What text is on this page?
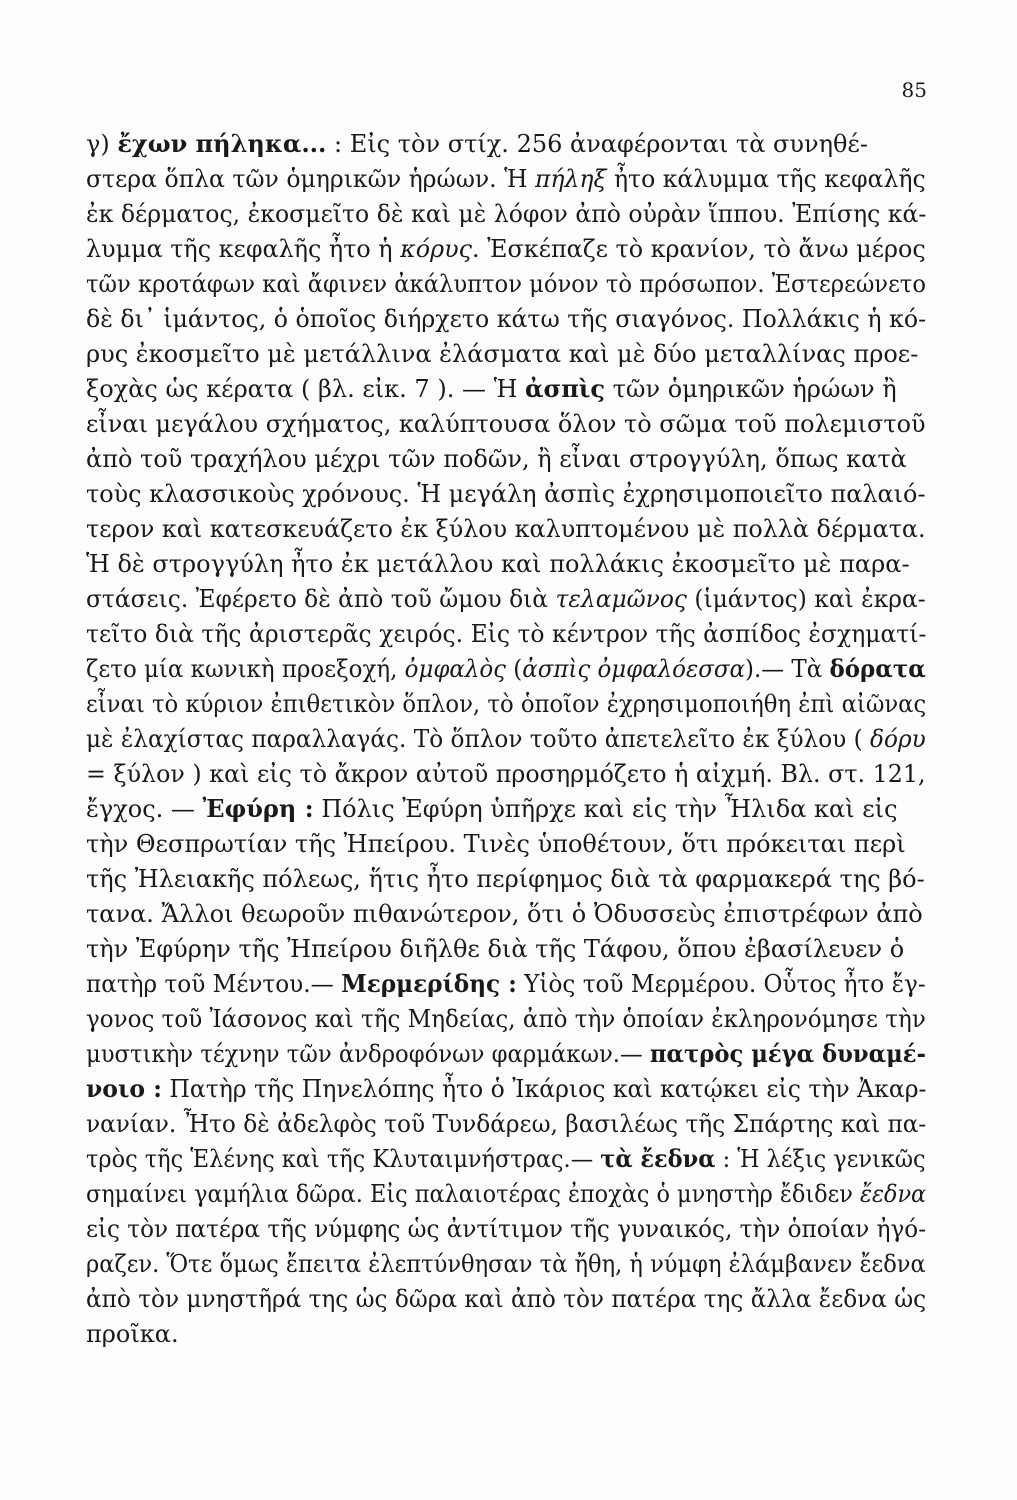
85
γ) ἔχων πήληκα... : Εἰς τὸν στίχ. 256 ἀναφέρονται τὰ συνηθέ-
στερα ὅπλα τῶν ὁμηρικῶν ἡρώων. Ἡ πήληξ ἦτο κάλυμμα τῆς κεφαλῆς
ἐκ δέρματος, ἐκοσμεῖτο δὲ καὶ μὲ λόφον ἀπὸ οὐρὰν ἵππου. Ἐπίσης κά-
λυμμα τῆς κεφαλῆς ἦτο ἡ κόρυς. Ἐσκέπαζε τὸ κρανίον, τὸ ἄνω μέρος
τῶν κροτάφων καὶ ἄφινεν ἀκάλυπτον μόνον τὸ πρόσωπον. Ἐστερεώνετο
δὲ δι᾽ ἱμάντος, ὁ ὁποῖος διήρχετο κάτω τῆς σιαγόνος. Πολλάκις ἡ κό-
ρυς ἐκοσμεῖτο μὲ μετάλλινα ἐλάσματα καὶ μὲ δύο μεταλλίνας προε-
ξοχὰς ὡς κέρατα ( βλ. εἰκ. 7 ). — Ἡ ἀσπὶς τῶν ὁμηρικῶν ἡρώων ἢ
εἶναι μεγάλου σχήματος, καλύπτουσα ὅλον τὸ σῶμα τοῦ πολεμιστοῦ
ἀπὸ τοῦ τραχήλου μέχρι τῶν ποδῶν, ἢ εἶναι στρογγύλη, ὅπως κατὰ
τοὺς κλασσικοὺς χρόνους. Ἡ μεγάλη ἀσπὶς ἐχρησιμοποιεῖτο παλαιό-
τερον καὶ κατεσκευάζετο ἐκ ξύλου καλυπτομένου μὲ πολλὰ δέρματα.
Ἡ δὲ στρογγύλη ἦτο ἐκ μετάλλου καὶ πολλάκις ἐκοσμεῖτο μὲ παρα-
στάσεις. Ἐφέρετο δὲ ἀπὸ τοῦ ὤμου διὰ τελαμῶνος (ἱμάντος) καὶ ἐκρα-
τεῖτο διὰ τῆς ἀριστερᾶς χειρός. Εἰς τὸ κέντρον τῆς ἀσπίδος ἐσχηματί-
ζετο μία κωνικὴ προεξοχή, ὀμφαλὸς (ἀσπὶς ὀμφαλόεσσα).— Τὰ δόρατα
εἶναι τὸ κύριον ἐπιθετικὸν ὅπλον, τὸ ὁποῖον ἐχρησιμοποιήθη ἐπὶ αἰῶνας
μὲ ἐλαχίστας παραλλαγάς. Τὸ ὅπλον τοῦτο ἀπετελεῖτο ἐκ ξύλου ( δόρυ
= ξύλον ) καὶ εἰς τὸ ἄκρον αὐτοῦ προσηρμόζετο ἡ αἰχμή. Βλ. στ. 121,
ἔγχος. — Ἐφύρη : Πόλις Ἐφύρη ὑπῆρχε καὶ εἰς τὴν Ἦλιδα καὶ εἰς
τὴν Θεσπρωτίαν τῆς Ἠπείρου. Τινὲς ὑποθέτουν, ὅτι πρόκειται περὶ
τῆς Ἠλειακῆς πόλεως, ἥτις ἦτο περίφημος διὰ τὰ φαρμακερά της βό-
τανα. Ἄλλοι θεωροῦν πιθανώτερον, ὅτι ὁ Ὀδυσσεὺς ἐπιστρέφων ἀπὸ
τὴν Ἐφύρην τῆς Ἠπείρου διῆλθε διὰ τῆς Τάφου, ὅπου ἐβασίλευεν ὁ
πατὴρ τοῦ Μέντου.— Μερμερίδης : Υἱὸς τοῦ Μερμέρου. Οὗτος ἦτο ἔγ-
γονος τοῦ Ἰάσονος καὶ τῆς Μηδείας, ἀπὸ τὴν ὁποίαν ἐκληρονόμησε τὴν
μυστικὴν τέχνην τῶν ἀνδροφόνων φαρμάκων.— πατρὸς μέγα δυναμέ-
νοιο : Πατὴρ τῆς Πηνελόπης ἦτο ὁ Ἰκάριος καὶ κατῴκει εἰς τὴν Ἀκαρ-
νανίαν. Ἦτο δὲ ἀδελφὸς τοῦ Τυνδάρεω, βασιλέως τῆς Σπάρτης καὶ πα-
τρὸς τῆς Ἑλένης καὶ τῆς Κλυταιμνήστρας.— τὰ ἔεδνα : Ἡ λέξις γενικῶς
σημαίνει γαμήλια δῶρα. Εἰς παλαιοτέρας ἐποχὰς ὁ μνηστὴρ ἔδιδεν ἔεδνα
εἰς τὸν πατέρα τῆς νύμφης ὡς ἀντίτιμον τῆς γυναικός, τὴν ὁποίαν ἠγό-
ραζεν. Ὅτε ὅμως ἔπειτα ἐλεπτύνθησαν τὰ ἤθη, ἡ νύμφη ἐλάμβανεν ἔεδνα
ἀπὸ τὸν μνηστῆρά της ὡς δῶρα καὶ ἀπὸ τὸν πατέρα της ἄλλα ἔεδνα ὡς
προῖκα.
